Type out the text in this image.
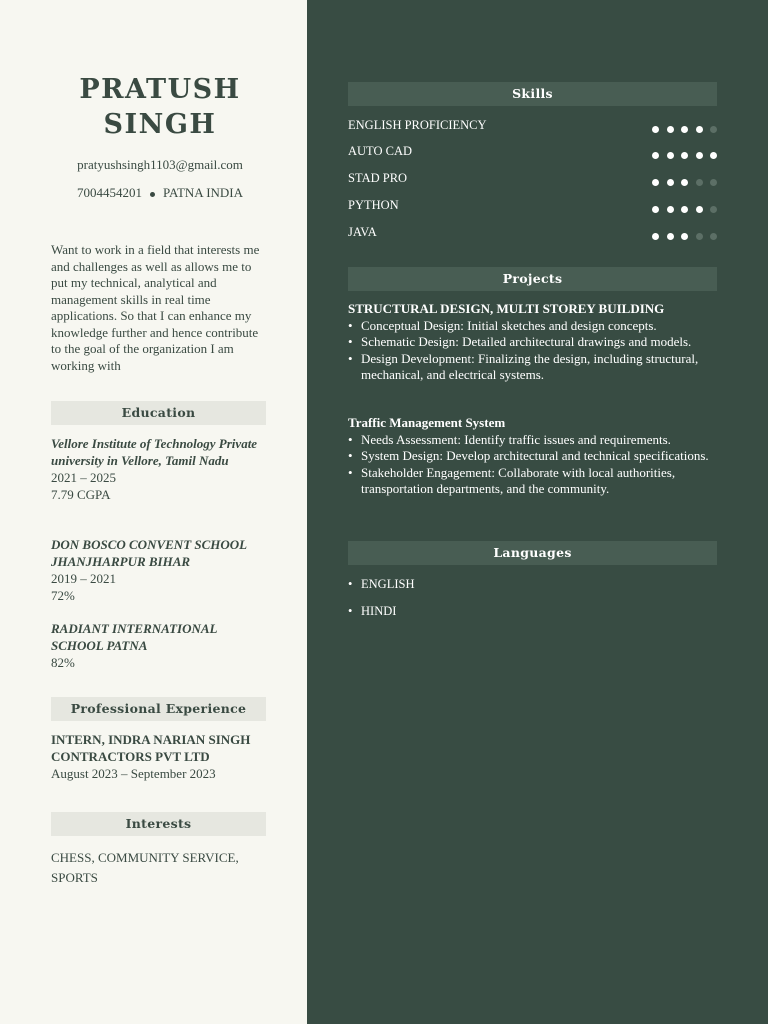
PRATUSH
SINGH
pratyushsingh1103@gmail.com
7004454201 PATNA INDIA
Want to work in a field that interests me and challenges as well as allows me to put my technical, analytical and management skills in real time applications. So that I can enhance my knowledge further and hence contribute to the goal of the organization I am working with
Education
Vellore Institute of Technology Private university in Vellore, Tamil Nadu
2021 – 2025
7.79 CGPA
DON BOSCO CONVENT SCHOOL JHANJHARPUR BIHAR
2019 – 2021
72%
RADIANT INTERNATIONAL SCHOOL PATNA
82%
Professional Experience
INTERN, INDRA NARIAN SINGH CONTRACTORS PVT LTD
August 2023 – September 2023
Interests
CHESS, COMMUNITY SERVICE, SPORTS
Skills
ENGLISH PROFICIENCY
AUTO CAD
STAD PRO
PYTHON
JAVA
Projects
STRUCTURAL DESIGN, MULTI STOREY BUILDING
• Conceptual Design: Initial sketches and design concepts.
• Schematic Design: Detailed architectural drawings and models.
• Design Development: Finalizing the design, including structural, mechanical, and electrical systems.
Traffic Management System
• Needs Assessment: Identify traffic issues and requirements.
• System Design: Develop architectural and technical specifications.
• Stakeholder Engagement: Collaborate with local authorities, transportation departments, and the community.
Languages
• ENGLISH
• HINDI
